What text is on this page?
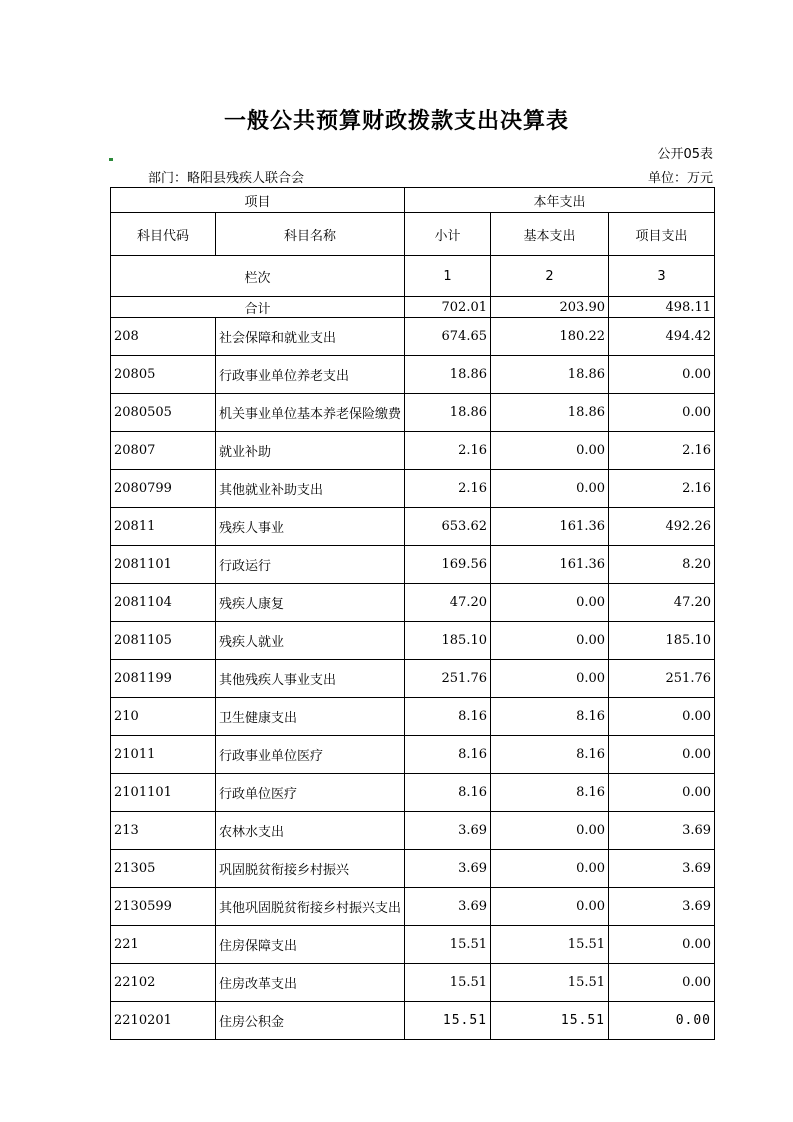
一般公共预算财政拨款支出决算表
公开05表
部门：略阳县残疾人联合会	单位：万元
项目		本年支出		
科目代码	科目名称	小计	基本支出	项目支出
栏次		1	2	3
合计		702.01	203.90	498.11
208	社会保障和就业支出	674.65	180.22	494.42
20805	行政事业单位养老支出	18.86	18.86	0.00
2080505	机关事业单位基本养老保险缴费	18.86	18.86	0.00
20807	就业补助	2.16	0.00	2.16
2080799	其他就业补助支出	2.16	0.00	2.16
20811	残疾人事业	653.62	161.36	492.26
2081101	行政运行	169.56	161.36	8.20
2081104	残疾人康复	47.20	0.00	47.20
2081105	残疾人就业	185.10	0.00	185.10
2081199	其他残疾人事业支出	251.76	0.00	251.76
210	卫生健康支出	8.16	8.16	0.00
21011	行政事业单位医疗	8.16	8.16	0.00
2101101	行政单位医疗	8.16	8.16	0.00
213	农林水支出	3.69	0.00	3.69
21305	巩固脱贫衔接乡村振兴	3.69	0.00	3.69
2130599	其他巩固脱贫衔接乡村振兴支出	3.69	0.00	3.69
221	住房保障支出	15.51	15.51	0.00
22102	住房改革支出	15.51	15.51	0.00
2210201	住房公积金	15.51	15.51	0.00
